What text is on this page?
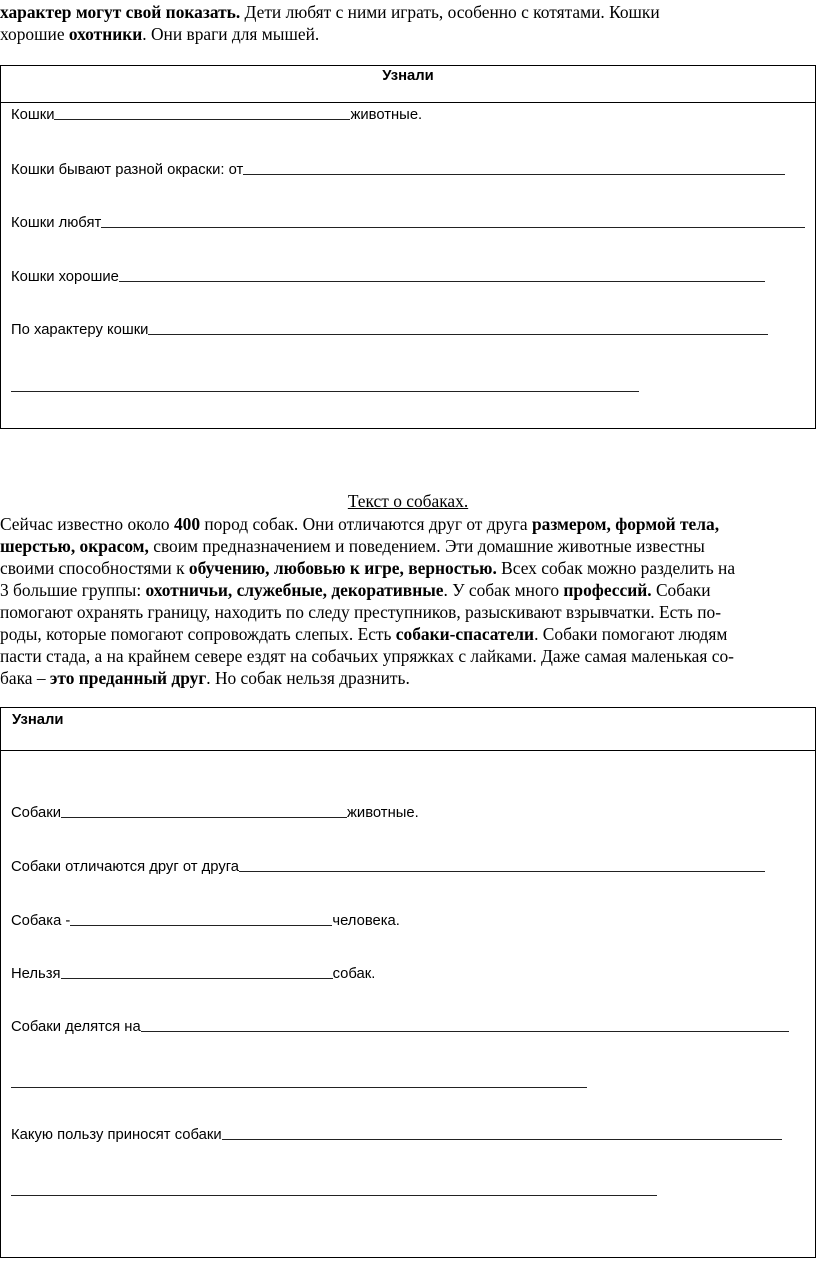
характер могут свой показать. Дети любят с ними играть, особенно с котятами. Кошки
хорошие охотники. Они враги для мышей.
Узнали
Кошки	животные.
Кошки бывают разной окраски: от
Кошки любят
Кошки хорошие
По характеру кошки
Текст о собаках.
Сейчас известно около 400 пород собак. Они отличаются друг от друга размером, формой тела,
шерстью, окрасом, своим предназначением и поведением. Эти домашние животные известны
своими способностями к обучению, любовью к игре, верностью. Всех собак можно разделить на
3 большие группы: охотничьи, служебные, декоративные. У собак много профессий. Собаки
помогают охранять границу, находить по следу преступников, разыскивают взрывчатки. Есть по-
роды, которые помогают сопровождать слепых. Есть собаки-спасатели. Собаки помогают людям
пасти стада, а на крайнем севере ездят на собачьих упряжках с лайками. Даже самая маленькая со-
бака – это преданный друг. Но собак нельзя дразнить.
Узнали
Собаки	животные.
Собаки отличаются друг от друга
Собака -	человека.
Нельзя	собак.
Собаки делятся на
Какую пользу приносят собаки
